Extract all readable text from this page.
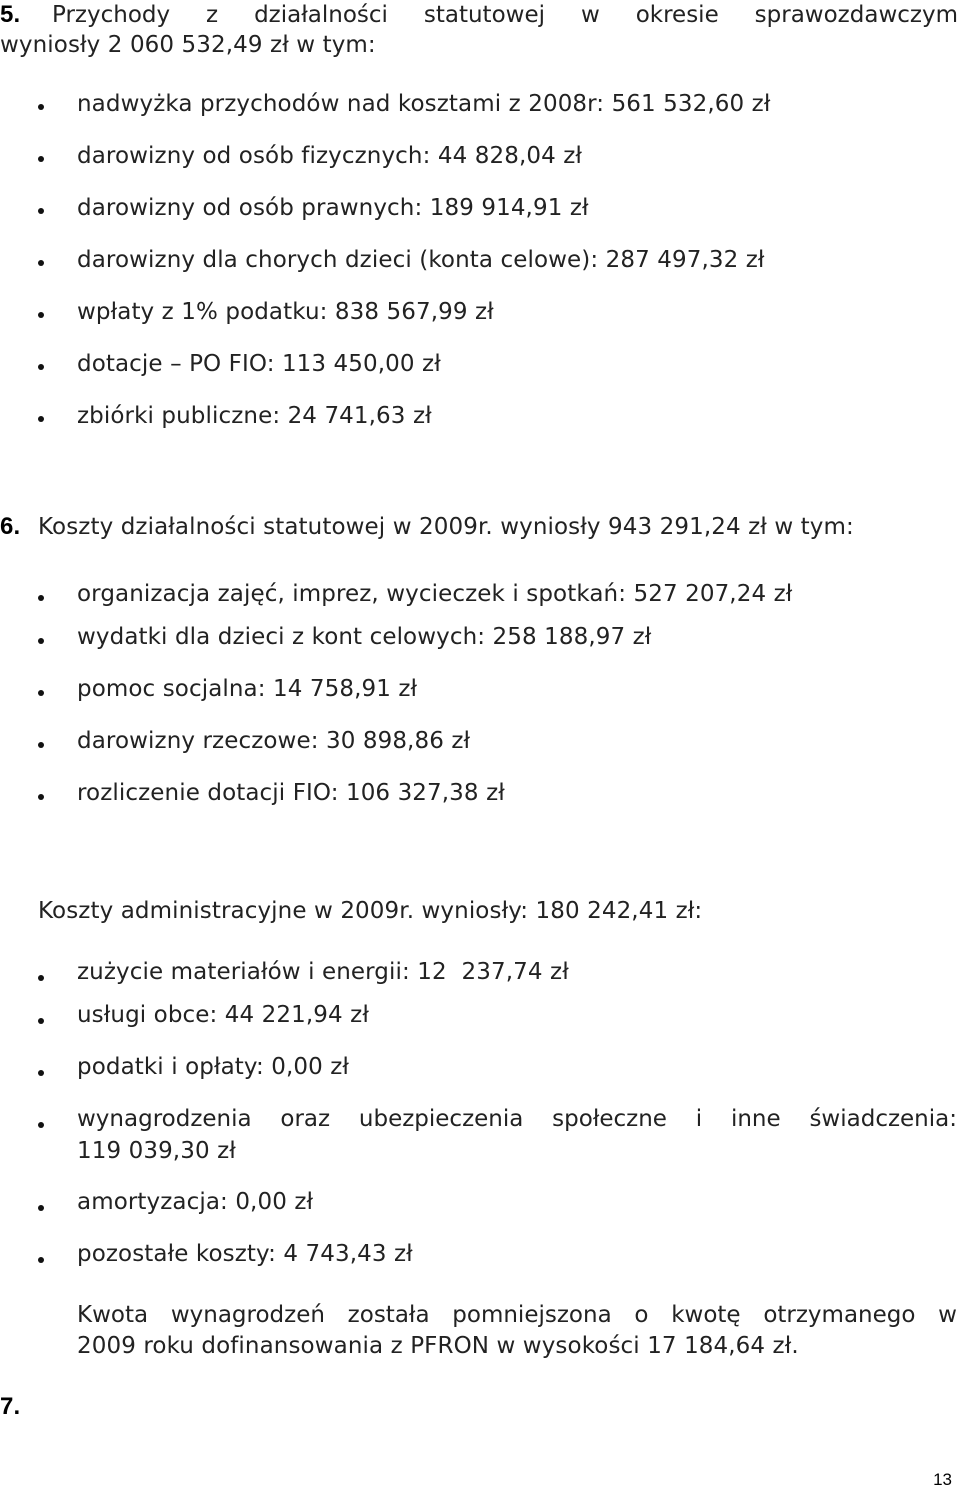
5. Przychody z działalności statutowej w okresie sprawozdawczym
wyniosły 2 060 532,49 zł w tym:
nadwyżka przychodów nad kosztami z 2008r: 561 532,60 zł
darowizny od osób fizycznych: 44 828,04 zł
darowizny od osób prawnych: 189 914,91 zł
darowizny dla chorych dzieci (konta celowe): 287 497,32 zł
wpłaty z 1% podatku: 838 567,99 zł
dotacje – PO FIO: 113 450,00 zł
zbiórki publiczne: 24 741,63 zł
6. Koszty działalności statutowej w 2009r. wyniosły 943 291,24 zł w tym:
organizacja zajęć, imprez, wycieczek i spotkań: 527 207,24 zł
wydatki dla dzieci z kont celowych: 258 188,97 zł
pomoc socjalna: 14 758,91 zł
darowizny rzeczowe: 30 898,86 zł
rozliczenie dotacji FIO: 106 327,38 zł
Koszty administracyjne w 2009r. wyniosły: 180 242,41 zł:
zużycie materiałów i energii: 12  237,74 zł
usługi obce: 44 221,94 zł
podatki i opłaty: 0,00 zł
wynagrodzenia oraz ubezpieczenia społeczne i inne świadczenia:
119 039,30 zł
amortyzacja: 0,00 zł
pozostałe koszty: 4 743,43 zł
Kwota wynagrodzeń została pomniejszona o kwotę otrzymanego w
2009 roku dofinansowania z PFRON w wysokości 17 184,64 zł.
7.
13
